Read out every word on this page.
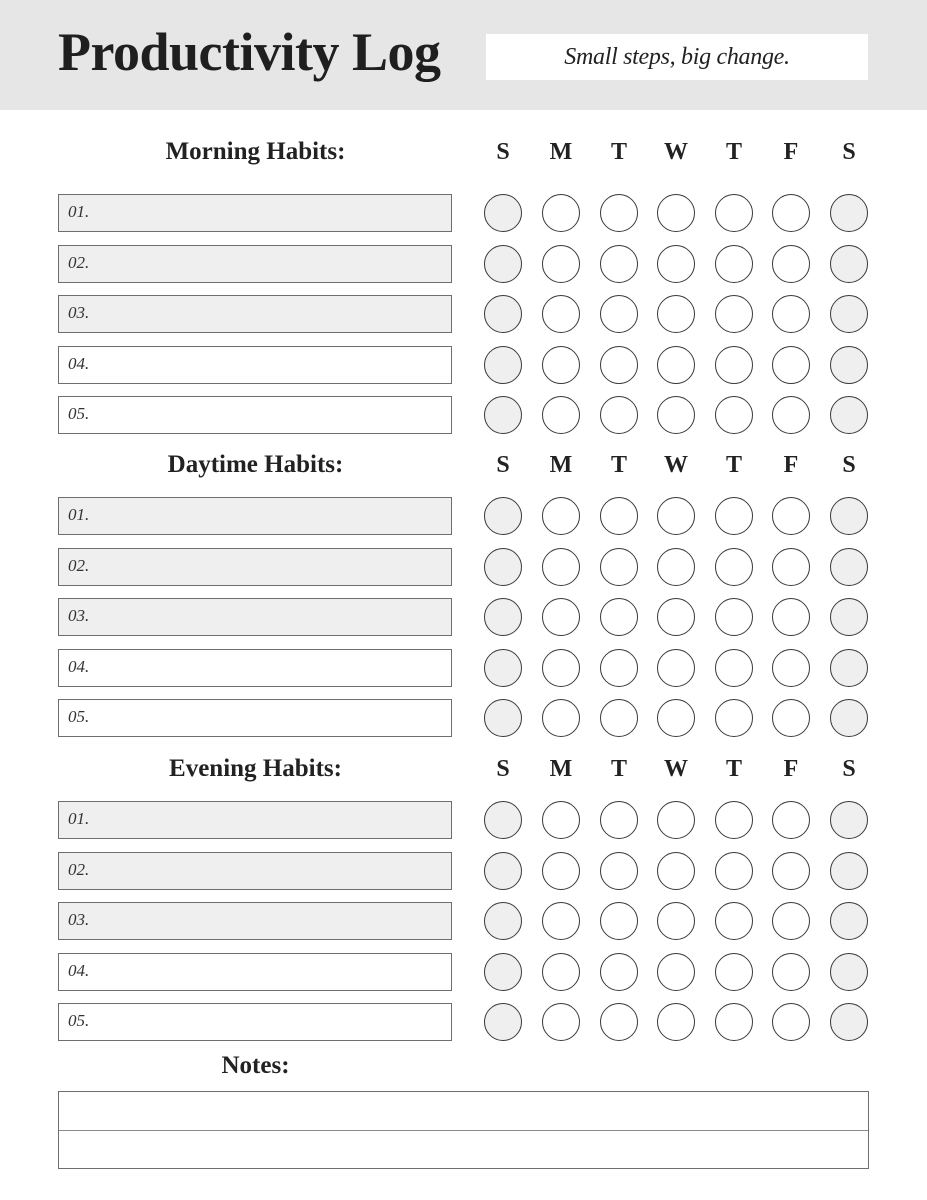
Productivity Log	Small steps, big change.
Morning Habits:	S	M	T	W	T	F	S
01.
02.
03.
04.
05.
Daytime Habits:	S	M	T	W	T	F	S
01.
02.
03.
04.
05.
Evening Habits:	S	M	T	W	T	F	S
01.
02.
03.
04.
05.
Notes:
